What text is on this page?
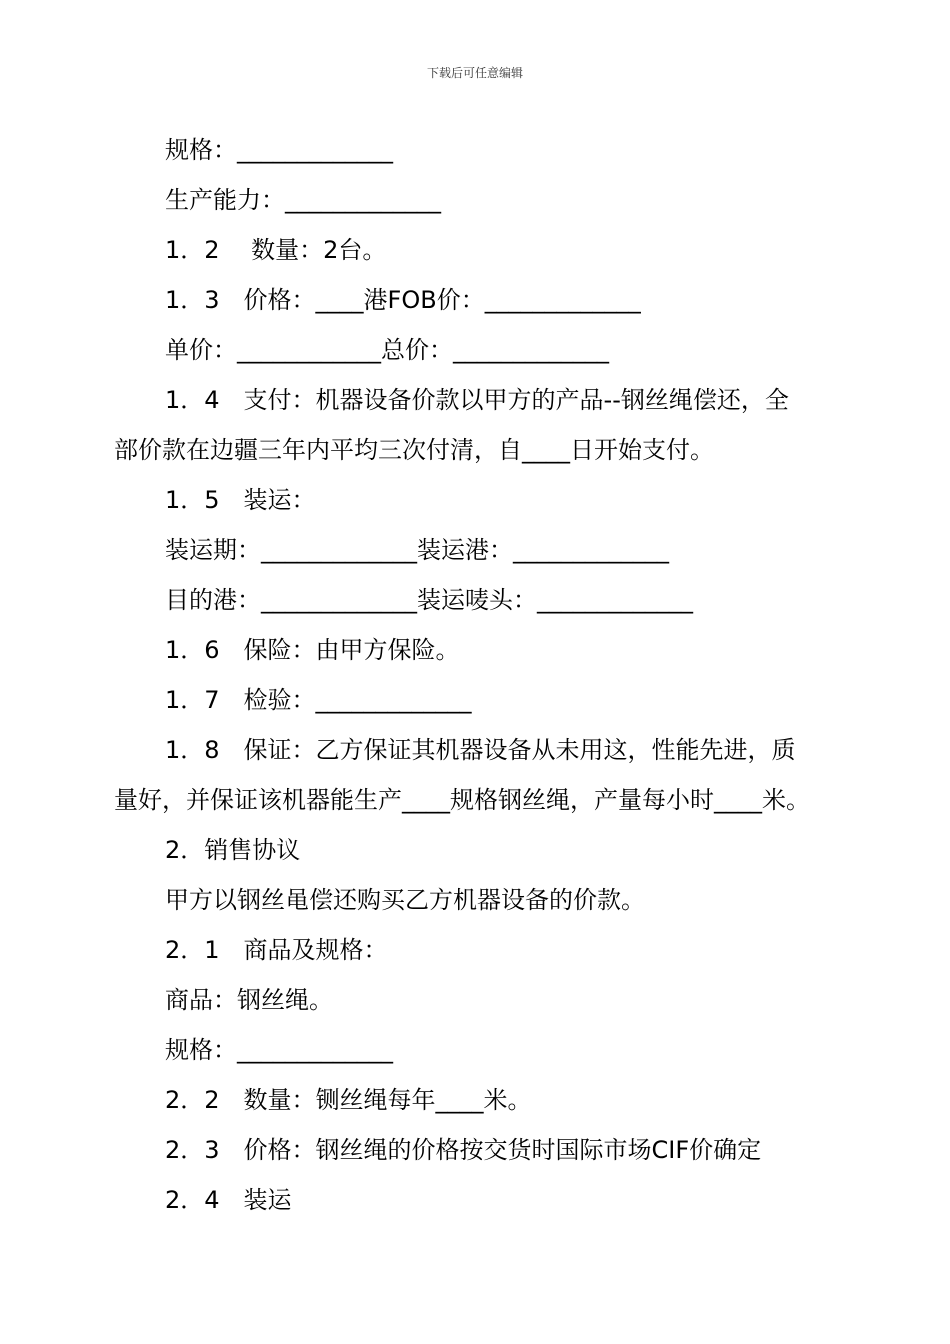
下载后可任意编辑

规格：_____________

生产能力：_____________

1．2　 数量：2台。

1．3　价格：____港FOB价：_____________

单价：____________总价：_____________

1．4　支付：机器设备价款以甲方的产品--钢丝绳偿还，全

部价款在边疆三年内平均三次付清，自____日开始支付。

1．5　装运：

装运期：_____________装运港：_____________

目的港：_____________装运唛头：_____________

1．6　保险：由甲方保险。

1．7　检验：_____________

1．8　保证：乙方保证其机器设备从未用这，性能先进，质

量好，并保证该机器能生产____规格钢丝绳，产量每小时____米。

2．销售协议

甲方以钢丝黾偿还购买乙方机器设备的价款。

2．1　商品及规格：

商品：钢丝绳。

规格：_____________

2．2　数量：铡丝绳每年____米。

2．3　价格：钢丝绳的价格按交货时国际市场CIF价确定

2．4　装运
